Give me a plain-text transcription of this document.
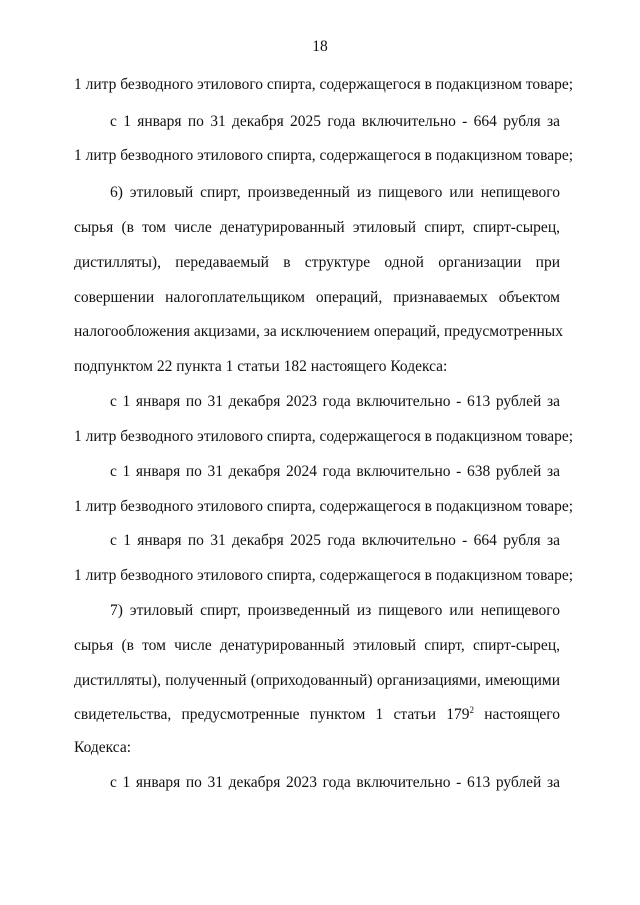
18
1 литр безводного этилового спирта, содержащегося в подакцизном товаре;
с 1 января по 31 декабря 2025 года включительно - 664 рубля за
1 литр безводного этилового спирта, содержащегося в подакцизном товаре;
6) этиловый спирт, произведенный из пищевого или непищевого
сырья (в том числе денатурированный этиловый спирт, спирт-сырец,
дистилляты), передаваемый в структуре одной организации при
совершении налогоплательщиком операций, признаваемых объектом
налогообложения акцизами, за исключением операций, предусмотренных
подпунктом 22 пункта 1 статьи 182 настоящего Кодекса:
с 1 января по 31 декабря 2023 года включительно - 613 рублей за
1 литр безводного этилового спирта, содержащегося в подакцизном товаре;
с 1 января по 31 декабря 2024 года включительно - 638 рублей за
1 литр безводного этилового спирта, содержащегося в подакцизном товаре;
с 1 января по 31 декабря 2025 года включительно - 664 рубля за
1 литр безводного этилового спирта, содержащегося в подакцизном товаре;
7) этиловый спирт, произведенный из пищевого или непищевого
сырья (в том числе денатурированный этиловый спирт, спирт-сырец,
дистилляты), полученный (оприходованный) организациями, имеющими
свидетельства, предусмотренные пунктом 1 статьи $179^2$ настоящего
Кодекса:
с 1 января по 31 декабря 2023 года включительно - 613 рублей за
